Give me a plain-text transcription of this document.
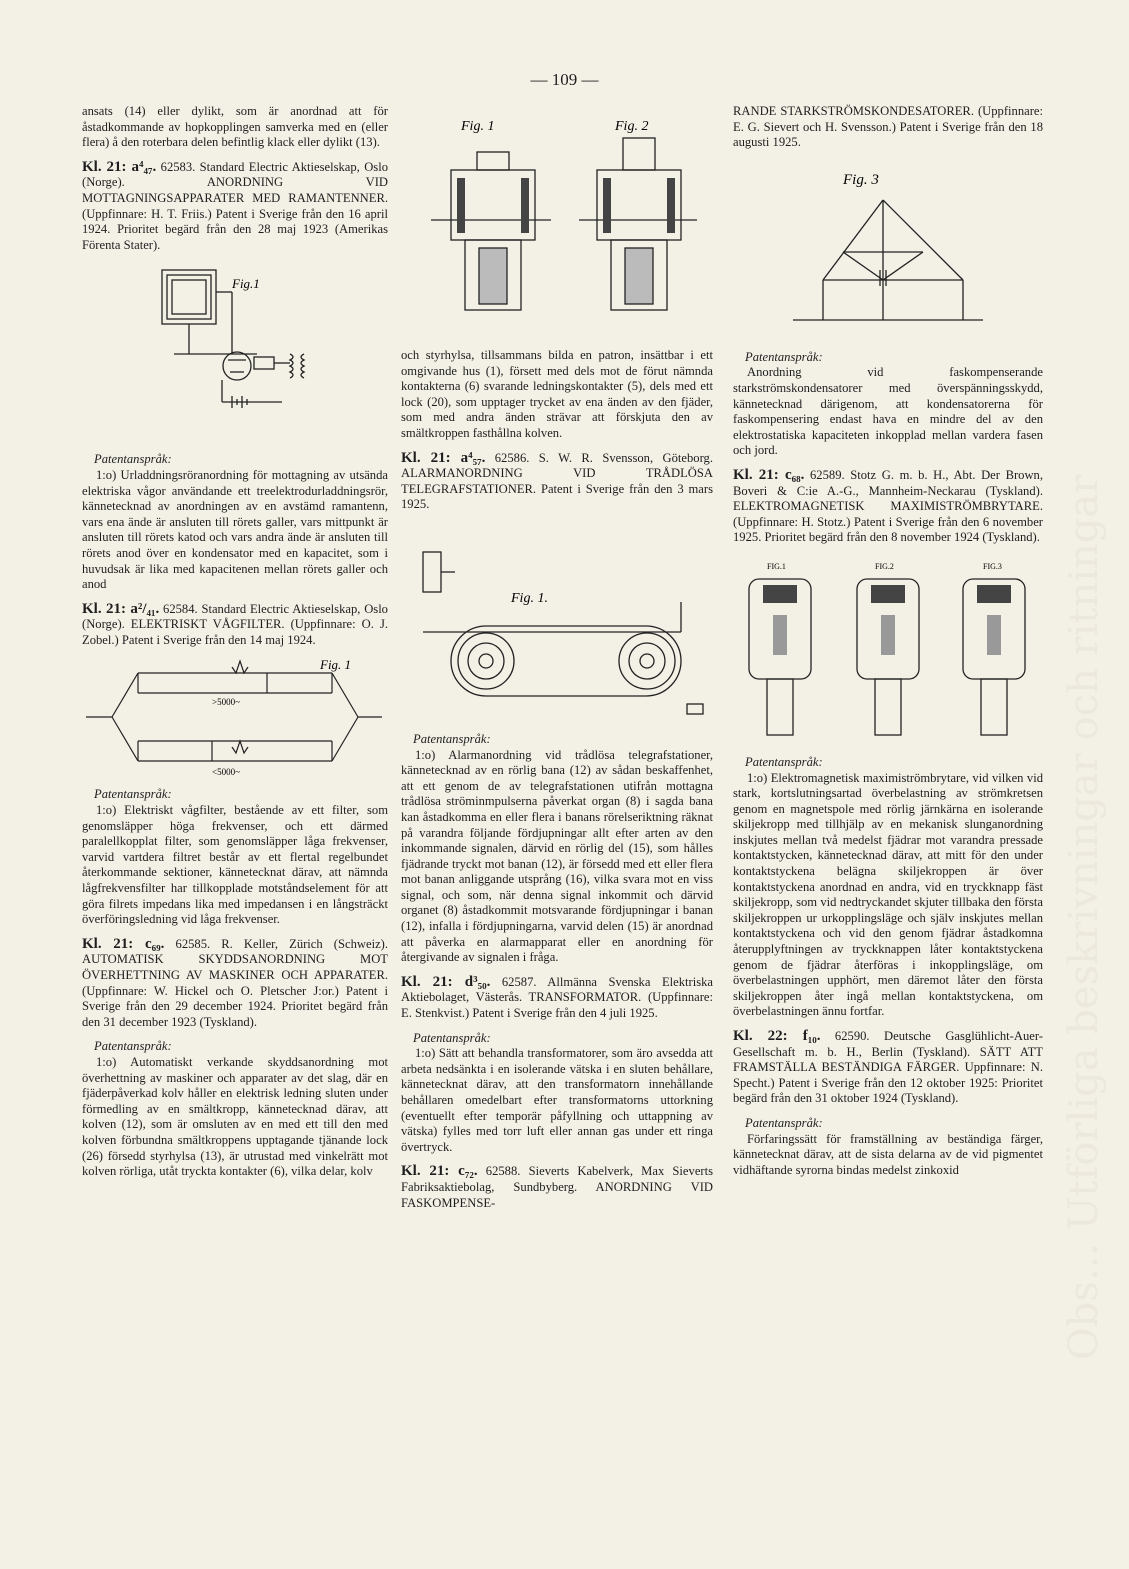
— 109 —
Obs... Utförliga beskrivningar och ritningar

ansats (14) eller dylikt, som är anordnad att för åstadkommande av hopkopplingen samverka med en (eller flera) å den roterbara delen befintlig klack eller dylikt (13).

Kl. 21: a⁴₄₇. 62583. Standard Electric Aktieselskap, Oslo (Norge). ANORDNING VID MOTTAGNINGSAPPARATER MED RAMANTENNER. (Uppfinnare: H. T. Friis.) Patent i Sverige från den 16 april 1924. Prioritet begärd från den 28 maj 1923 (Amerikas Förenta Stater).

Fig.1
Patentanspråk:

1:o) Urladdningsröranordning för mottagning av utsända elektriska vågor användande ett treelektrodurladdningsrör, kännetecknad av anordningen av en avstämd ramantenn, vars ena ände är ansluten till rörets galler, vars mittpunkt är ansluten till rörets katod och vars andra ände är ansluten till rörets anod över en kondensator med en kapacitet, som i huvudsak är lika med kapacitenen mellan rörets galler och anod

Kl. 21: a²/₄₁. 62584. Standard Electric Aktieselskap, Oslo (Norge). ELEKTRISKT VÅGFILTER. (Uppfinnare: O. J. Zobel.) Patent i Sverige från den 14 maj 1924.

Fig. 1
>5000~
<5000~
Patentanspråk:

1:o) Elektriskt vågfilter, bestående av ett filter, som genomsläpper höga frekvenser, och ett därmed paralellkopplat filter, som genomsläpper låga frekvenser, varvid vartdera filtret består av ett flertal regelbundet återkommande sektioner, kännetecknat därav, att nämnda lågfrekvensfilter har tillkopplade motståndselement för att göra filrets impedans lika med impedansen i en långsträckt överföringsledning vid låga frekvenser.

Kl. 21: c₆₉. 62585. R. Keller, Zürich (Schweiz). AUTOMATISK SKYDDSANORDNING MOT ÖVERHETTNING AV MASKINER OCH APPARATER. (Uppfinnare: W. Hickel och O. Pletscher J:or.) Patent i Sverige från den 29 december 1924. Prioritet begärd från den 31 december 1923 (Tyskland).

Patentanspråk:

1:o) Automatiskt verkande skyddsanordning mot överhettning av maskiner och apparater av det slag, där en fjäderpåverkad kolv håller en elektrisk ledning sluten under förmedling av en smältkropp, kännetecknad därav, att kolven (12), som är omsluten av en med ett till den med kolven förbundna smältkroppens upptagande tjänande lock (26) försedd styrhylsa (13), är utrustad med vinkelrätt mot kolven rörliga, utåt tryckta kontakter (6), vilka delar, kolv

Fig. 1	Fig. 2

och styrhylsa, tillsammans bilda en patron, insättbar i ett omgivande hus (1), försett med dels mot de förut nämnda kontakterna (6) svarande ledningskontakter (5), dels med ett lock (20), som upptager trycket av ena änden av den fjäder, som med andra änden strävar att förskjuta den av smältkroppen fasthållna kolven.

Kl. 21: a⁴₅₇. 62586. S. W. R. Svensson, Göteborg. ALARMANORDNING VID TRÅDLÖSA TELEGRAFSTATIONER. Patent i Sverige från den 3 mars 1925.

Fig. 1.
Patentanspråk:

1:o) Alarmanordning vid trådlösa telegrafstationer, kännetecknad av en rörlig bana (12) av sådan beskaffenhet, att ett genom de av telegrafstationen utifrån mottagna trådlösa ströminmpulserna påverkat organ (8) i sagda bana kan åstadkomma en eller flera i banans rörelseriktning räknat på varandra följande fördjupningar allt efter arten av den inkommande signalen, därvid en rörlig del (15), som hålles fjädrande tryckt mot banan (12), är försedd med ett eller flera mot banan anliggande utsprång (16), vilka svara mot en viss signal, och som, när denna signal inkommit och därvid organet (8) åstadkommit motsvarande fördjupningar i banan (12), infalla i fördjupningarna, varvid delen (15) är anordnad att påverka en alarmapparat eller en anordning för återgivande av signalen i fråga.

Kl. 21: d³₅₀. 62587. Allmänna Svenska Elektriska Aktiebolaget, Västerås. TRANSFORMATOR. (Uppfinnare: E. Stenkvist.) Patent i Sverige från den 4 juli 1925.

Patentanspråk:

1:o) Sätt att behandla transformatorer, som äro avsedda att arbeta nedsänkta i en isolerande vätska i en sluten behållare, kännetecknat därav, att den transformatorn innehållande behållaren omedelbart efter transformatorns uttorkning (eventuellt efter temporär påfyllning och uttappning av vätska) fylles med torr luft eller annan gas under ett ringa övertryck.

Kl. 21: c₇₂. 62588. Sieverts Kabelverk, Max Sieverts Fabriksaktiebolag, Sundbyberg. ANORDNING VID FASKOMPENSE-

RANDE STARKSTRÖMSKONDESATORER. (Uppfinnare: E. G. Sievert och H. Svensson.) Patent i Sverige från den 18 augusti 1925.

Fig. 3
Patentanspråk:

Anordning vid faskompenserande starkströmskondensatorer med överspänningsskydd, kännetecknad därigenom, att kondensatorerna för faskompensering endast hava en mindre del av den elektrostatiska kapaciteten inkopplad mellan vardera fasen och jord.

Kl. 21: c₆₈. 62589. Stotz G. m. b. H., Abt. Der Brown, Boveri & C:ie A.-G., Mannheim-Neckarau (Tyskland). ELEKTROMAGNETISK MAXIMISTRÖMBRYTARE. (Uppfinnare: H. Stotz.) Patent i Sverige från den 6 november 1925. Prioritet begärd från den 8 november 1924 (Tyskland).

FIG.1	FIG.2	FIG.3
Patentanspråk:

1:o) Elektromagnetisk maximiströmbrytare, vid vilken vid stark, kortslutningsartad överbelastning av strömkretsen genom en magnetspole med rörlig järnkärna en isolerande skiljekropp med tillhjälp av en mekanisk slunganordning inskjutes mellan två medelst fjädrar mot varandra pressade kontaktstycken, kännetecknad därav, att mitt för den under kontaktstyckena belägna skiljekroppen är över kontaktstyckena anordnad en andra, vid en tryckknapp fäst skiljekropp, som vid nedtryckandet skjuter tillbaka den första skiljekroppen ur urkopplingsläge och själv inskjutes mellan kontaktstyckena och vid den genom fjädrar åstadkomna återupplyftningen av tryckknappen låter kontaktstyckena genom de fjädrar återföras i inkopplingsläge, om överbelastningen upphört, men däremot låter den första skiljekroppen åter ingå mellan kontaktstyckena, om överbelastningen ännu fortfar.

Kl. 22: f₁₀. 62590. Deutsche Gasglühlicht-Auer-Gesellschaft m. b. H., Berlin (Tyskland). SÄTT ATT FRAMSTÄLLA BESTÄNDIGA FÄRGER. Uppfinnare: N. Specht.) Patent i Sverige från den 12 oktober 1925: Prioritet begärd från den 31 oktober 1924 (Tyskland).

Patentanspråk:

Förfaringssätt för framställning av beständiga färger, kännetecknat därav, att de sista delarna av de vid pigmentet vidhäftande syrorna bindas medelst zinkoxid
